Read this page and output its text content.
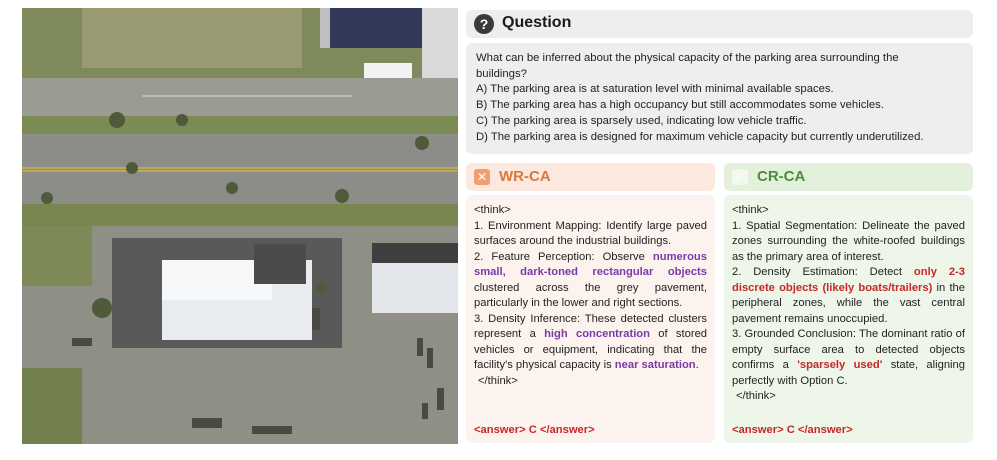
? Question
What can be inferred about the physical capacity of the parking area surrounding the
buildings?
A) The parking area is at saturation level with minimal available spaces.
B) The parking area has a high occupancy but still accommodates some vehicles.
C) The parking area is sparsely used, indicating low vehicle traffic.
D) The parking area is designed for maximum vehicle capacity but currently underutilized.
✕ WR-CA	✓ CR-CA

<think>

1. Environment Mapping: Identify large paved surfaces around the industrial buildings.

2. Feature Perception: Observe numerous small, dark-toned rectangular objects clustered across the grey pavement, particularly in the lower and right sections.

3. Density Inference: These detected clusters represent a high concentration of stored vehicles or equipment, indicating that the facility's physical capacity is near saturation.

</think>

<answer> C </answer>

<think>

1. Spatial Segmentation: Delineate the paved zones surrounding the white-roofed buildings as the primary area of interest.

2. Density Estimation: Detect only 2-3 discrete objects (likely boats/trailers) in the peripheral zones, while the vast central pavement remains unoccupied.

3. Grounded Conclusion: The dominant ratio of empty surface area to detected objects confirms a 'sparsely used' state, aligning perfectly with Option C.

</think>

<answer> C </answer>
